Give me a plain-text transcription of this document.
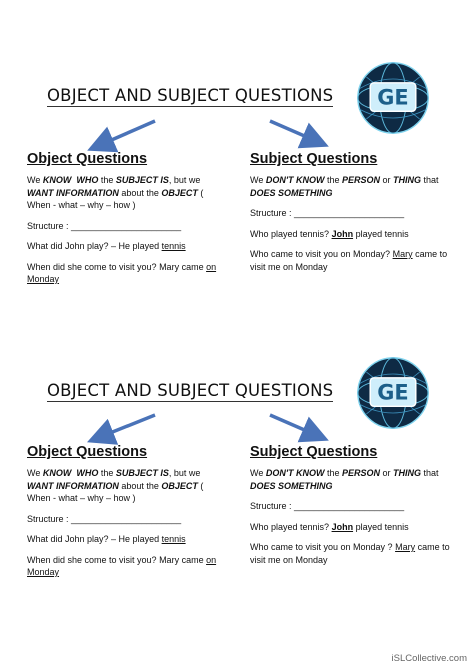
OBJECT AND SUBJECT QUESTIONS GE
Object Questions
We KNOW WHO the SUBJECT IS, but we WANT INFORMATION about the OBJECT ( When - what – why – how )
Structure : ______________________
What did John play? – He played tennis
When did she come to visit you? Mary came on Monday
Subject Questions
We DON'T KNOW the PERSON or THING that DOES SOMETHING
Structure : ______________________
Who played tennis? John played tennis
Who came to visit you on Monday? Mary came to visit me on Monday
OBJECT AND SUBJECT QUESTIONS GE
Object Questions
We KNOW WHO the SUBJECT IS, but we WANT INFORMATION about the OBJECT ( When - what – why – how )
Structure : ______________________
What did John play? – He played tennis
When did she come to visit you? Mary came on Monday
Subject Questions
We DON'T KNOW the PERSON or THING that DOES SOMETHING
Structure : ______________________
Who played tennis? John played tennis
Who came to visit you on Monday ? Mary came to visit me on Monday
iSLCollective.com
